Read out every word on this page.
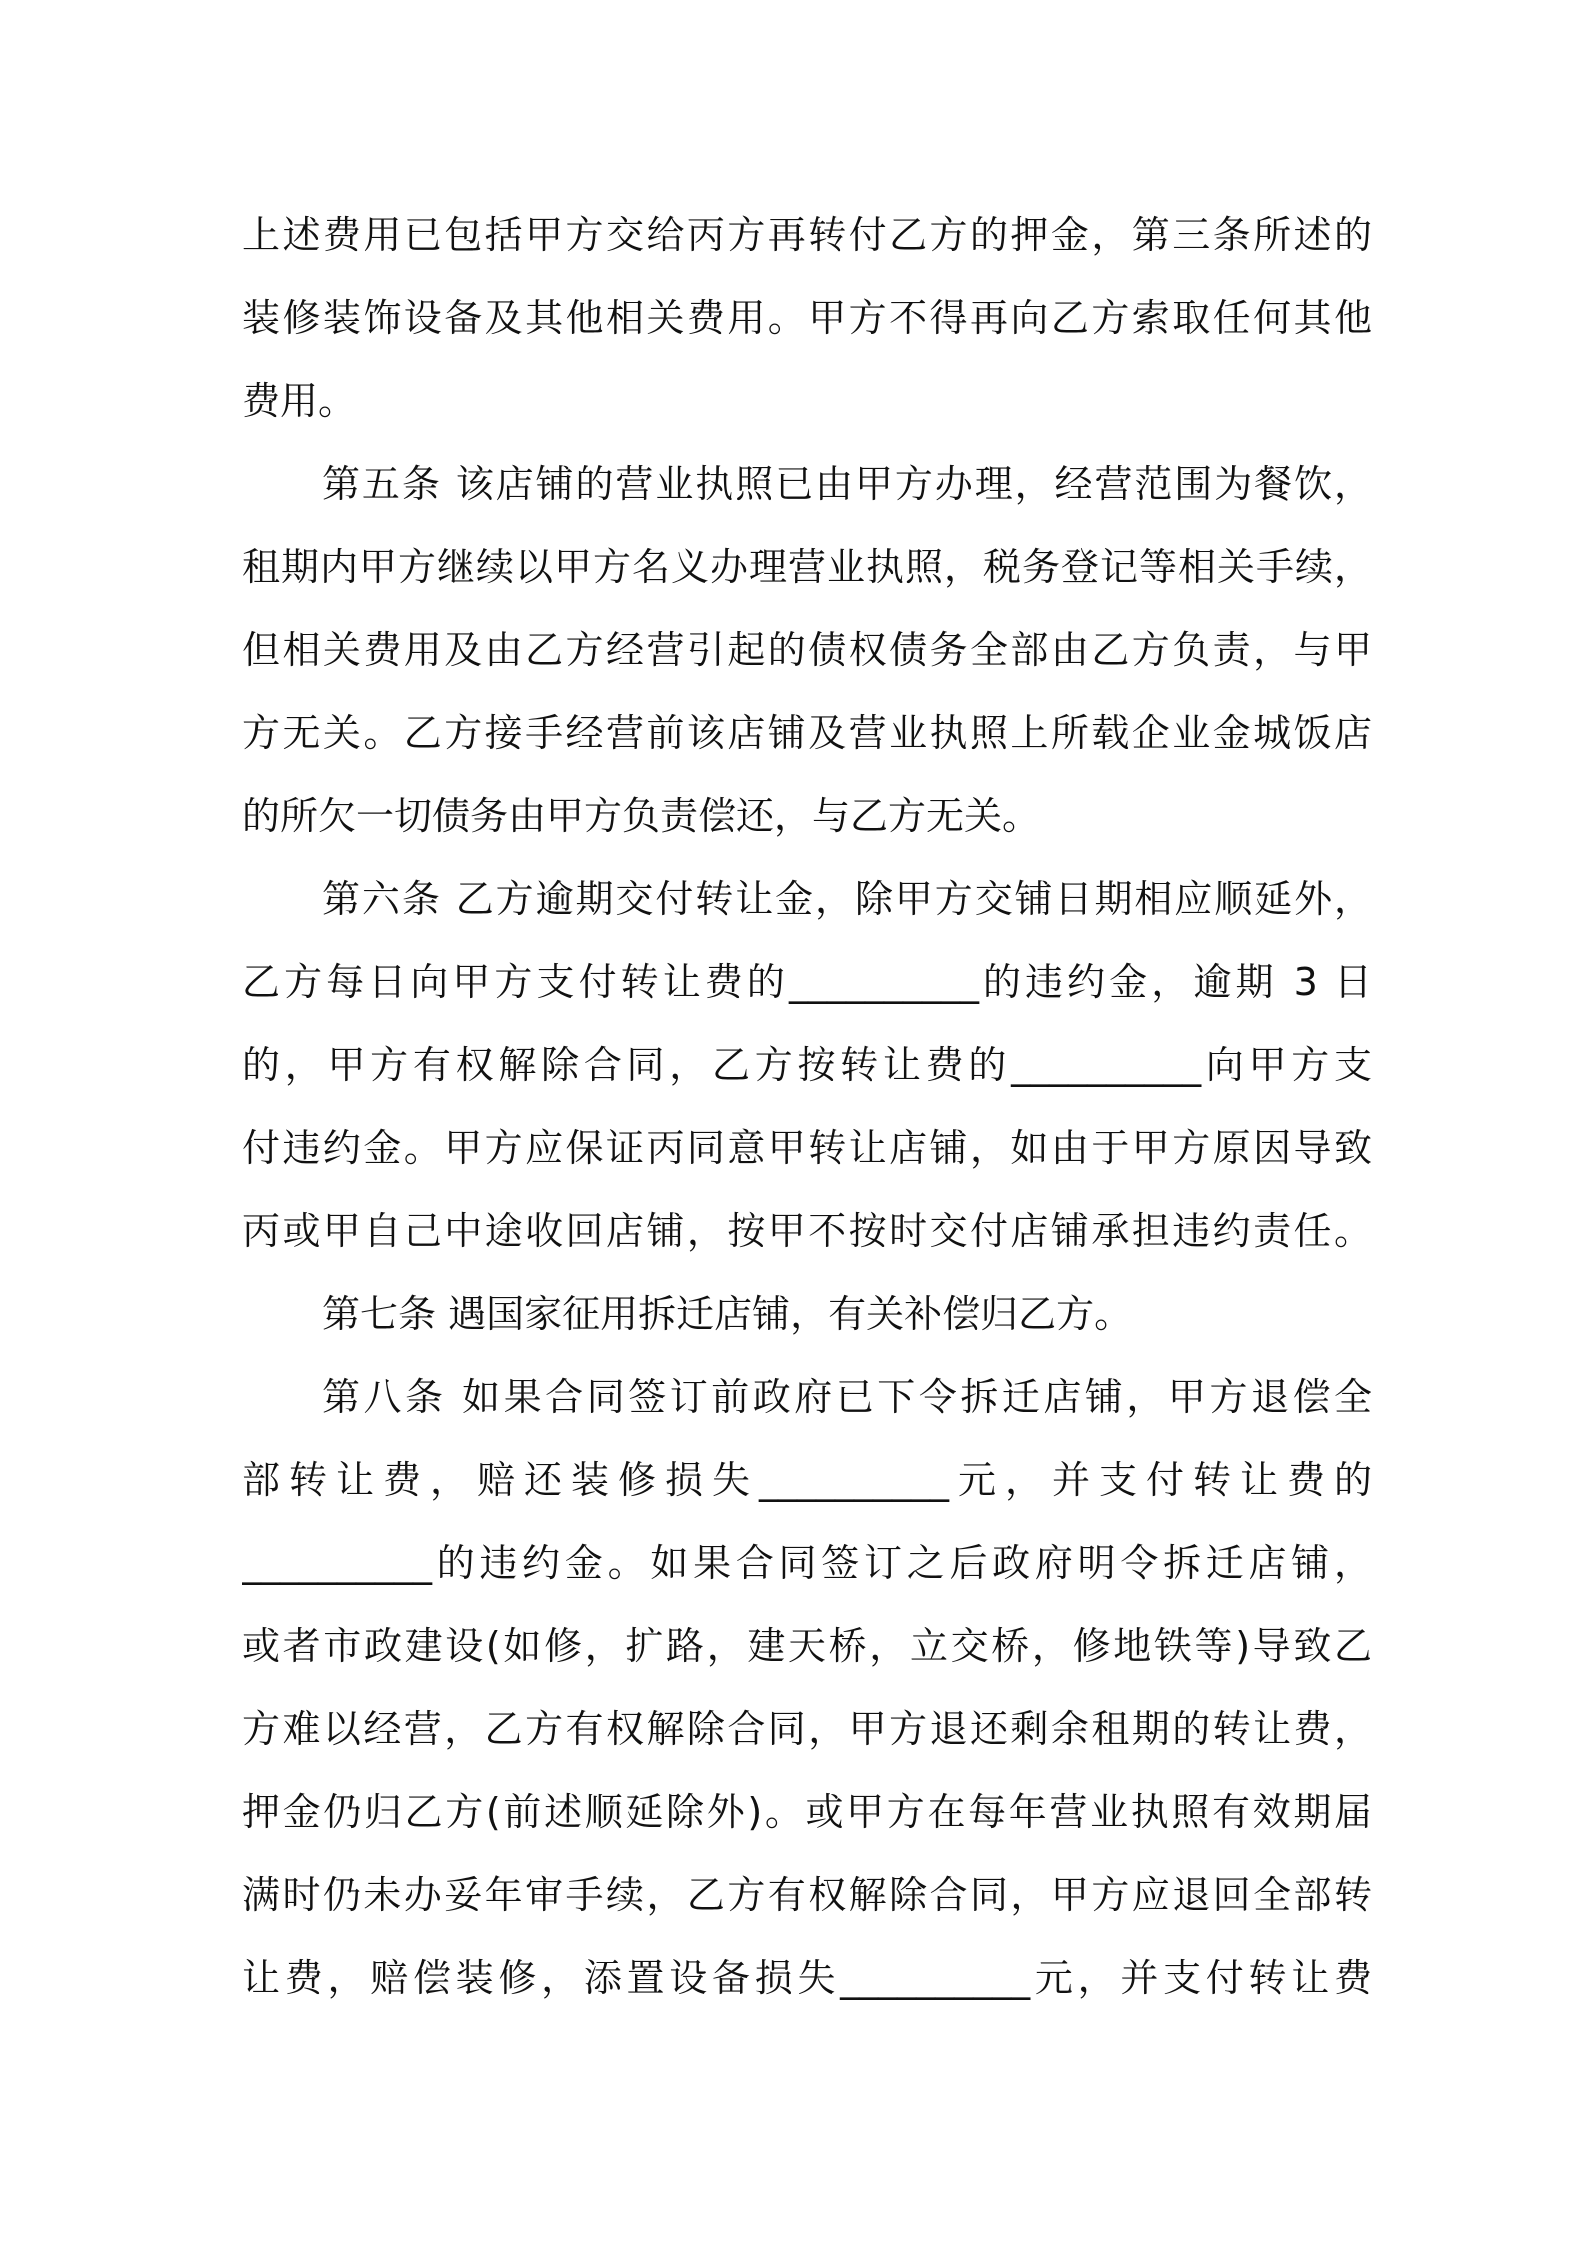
上述费用已包括甲方交给丙方再转付乙方的押金，第三条所述的
装修装饰设备及其他相关费用。甲方不得再向乙方索取任何其他
费用。
第五条 该店铺的营业执照已由甲方办理，经营范围为餐饮，
租期内甲方继续以甲方名义办理营业执照，税务登记等相关手续，
但相关费用及由乙方经营引起的债权债务全部由乙方负责，与甲
方无关。乙方接手经营前该店铺及营业执照上所载企业金城饭店
的所欠一切债务由甲方负责偿还，与乙方无关。
第六条 乙方逾期交付转让金，除甲方交铺日期相应顺延外，
乙方每日向甲方支付转让费的__________的违约金，逾期 3 日
的，甲方有权解除合同，乙方按转让费的__________向甲方支
付违约金。甲方应保证丙同意甲转让店铺，如由于甲方原因导致
丙或甲自己中途收回店铺，按甲不按时交付店铺承担违约责任。
第七条 遇国家征用拆迁店铺，有关补偿归乙方。
第八条 如果合同签订前政府已下令拆迁店铺，甲方退偿全
部转让费，赔还装修损失__________元，并支付转让费的
__________的违约金。如果合同签订之后政府明令拆迁店铺，
或者市政建设(如修，扩路，建天桥，立交桥，修地铁等)导致乙
方难以经营，乙方有权解除合同，甲方退还剩余租期的转让费，
押金仍归乙方(前述顺延除外)。或甲方在每年营业执照有效期届
满时仍未办妥年审手续，乙方有权解除合同，甲方应退回全部转
让费，赔偿装修，添置设备损失__________元，并支付转让费
